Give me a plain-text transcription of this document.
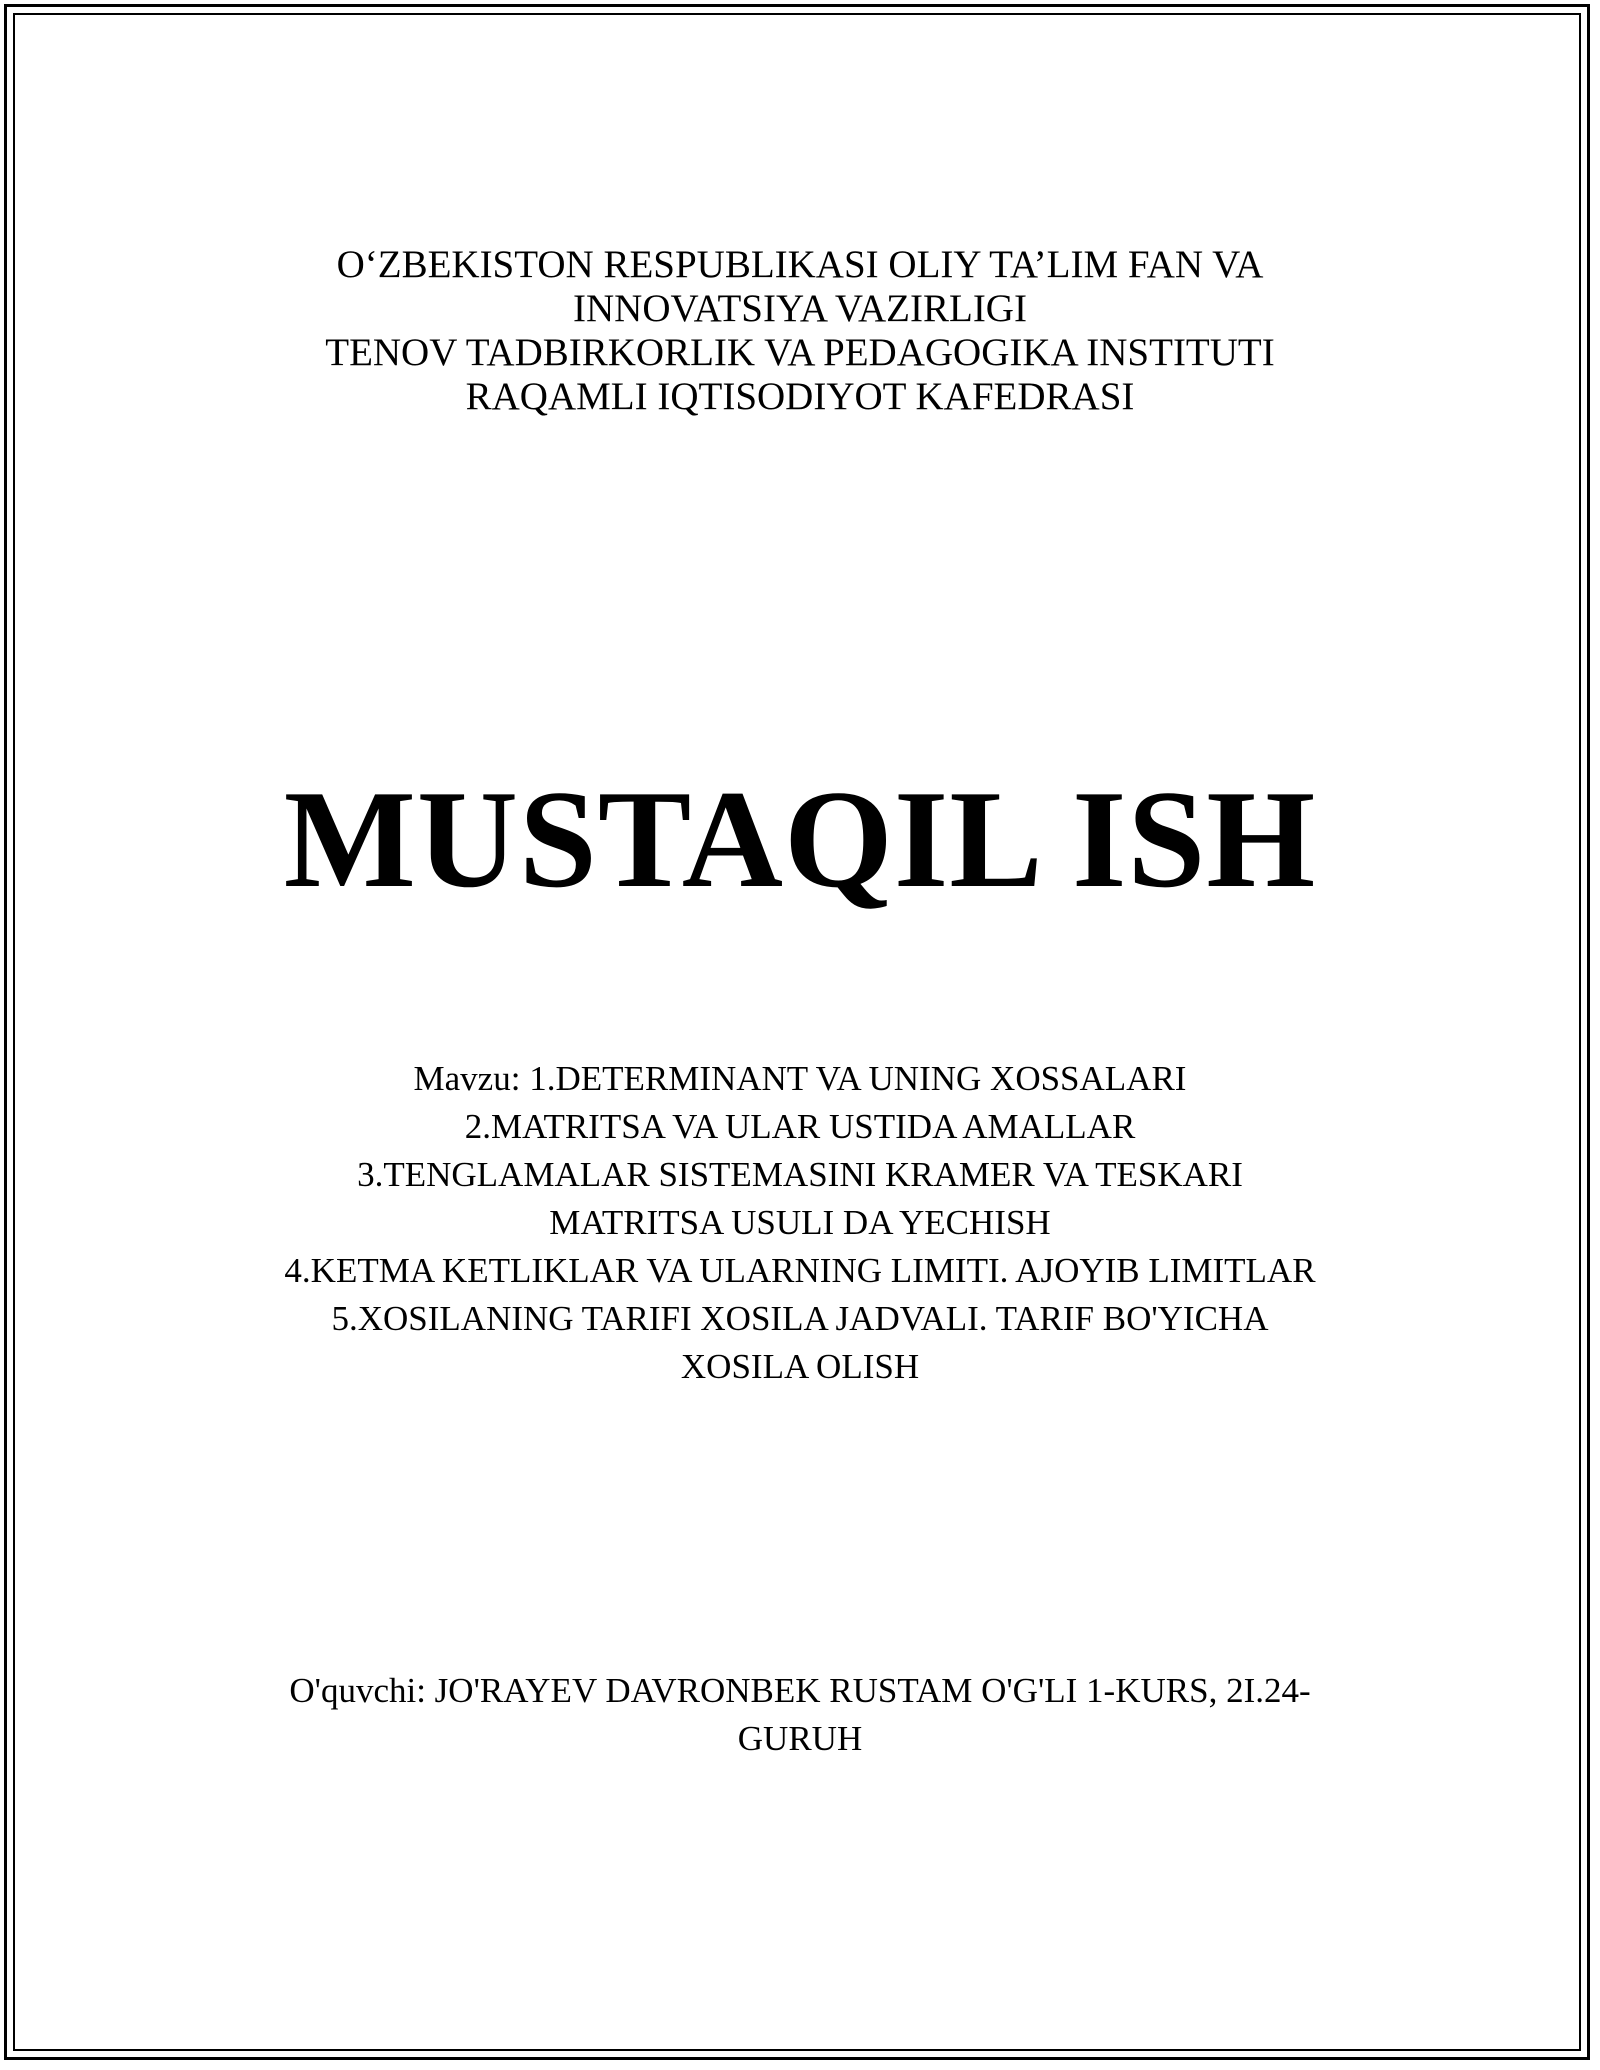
O‘ZBEKISTON RESPUBLIKASI OLIY TA’LIM FAN VA
INNOVATSIYA VAZIRLIGI
TENOV TADBIRKORLIK VA PEDAGOGIKA INSTITUTI
RAQAMLI IQTISODIYOT KAFEDRASI
MUSTAQIL ISH
Mavzu: 1.DETERMINANT VA UNING XOSSALARI
2.MATRITSA VA ULAR USTIDA AMALLAR
3.TENGLAMALAR SISTEMASINI KRAMER VA TESKARI
MATRITSA USULI DA YECHISH
4.KETMA KETLIKLAR VA ULARNING LIMITI. AJOYIB LIMITLAR
5.XOSILANING TARIFI XOSILA JADVALI. TARIF BO'YICHA
XOSILA OLISH
O'quvchi: JO'RAYEV DAVRONBEK RUSTAM O'G'LI 1-KURS, 2I.24-
GURUH
